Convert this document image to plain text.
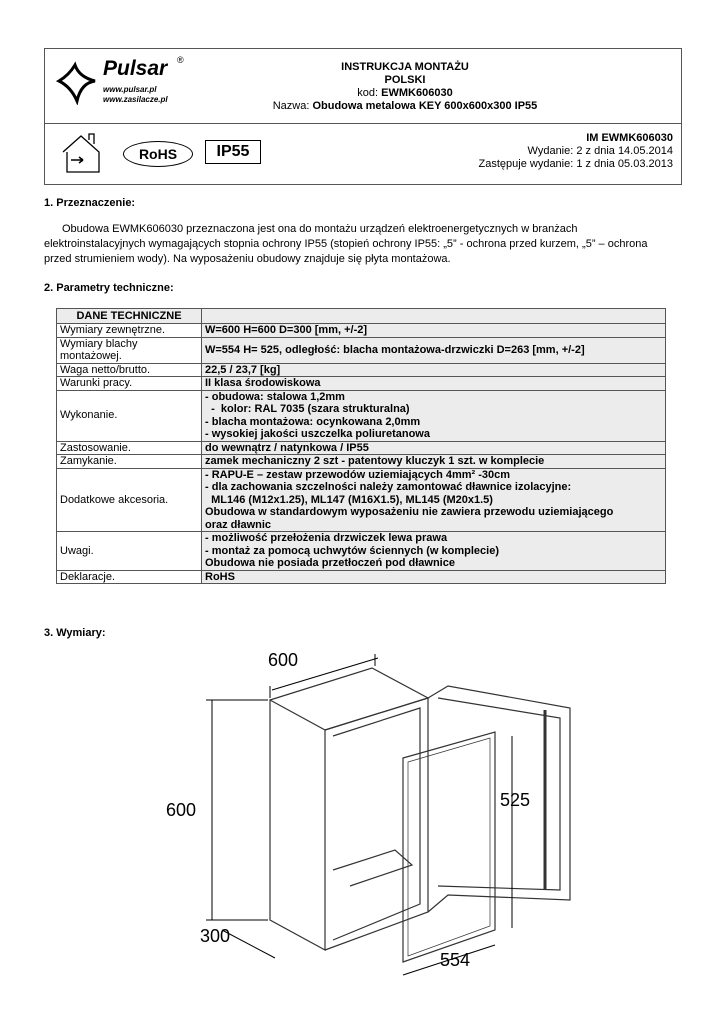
Pulsar ®
www.pulsar.pl
www.zasilacze.pl
INSTRUKCJA MONTAŻU
POLSKI
kod: EWMK606030
Nazwa: Obudowa metalowa KEY 600x600x300 IP55
RoHS	IP55
IM EWMK606030
Wydanie: 2 z dnia 14.05.2014
Zastępuje wydanie: 1 z dnia 05.03.2013
1. Przeznaczenie:
Obudowa EWMK606030 przeznaczona jest ona do montażu urządzeń elektroenergetycznych w branżach elektroinstalacyjnych wymagających stopnia ochrony IP55 (stopień ochrony IP55: „5” - ochrona przed kurzem, „5” – ochrona przed strumieniem wody). Na wyposażeniu obudowy znajduje się płyta montażowa.
2. Parametry techniczne:
DANE TECHNICZNE	
Wymiary zewnętrzne.	W=600 H=600 D=300 [mm, +/-2]

Wymiary blachy montażowej.	W=554 H= 525, odległość: blacha montażowa-drzwiczki D=263 [mm, +/-2]

Waga netto/brutto.	22,5 / 23,7 [kg]

Warunki pracy.	II klasa środowiskowa

Wykonanie.	- obudowa: stalowa 1,2mm
-  kolor: RAL 7035 (szara strukturalna)
- blacha montażowa: ocynkowana 2,0mm
- wysokiej jakości uszczelka poliuretanowa

Zastosowanie.	do wewnątrz / natynkowa / IP55

Zamykanie.	zamek mechaniczny 2 szt - patentowy kluczyk 1 szt. w komplecie

Dodatkowe akcesoria.	- RAPU-E – zestaw przewodów uziemiających 4mm² -30cm
- dla zachowania szczelności należy zamontować dławnice izolacyjne:
ML146 (M12x1.25), ML147 (M16X1.5), ML145 (M20x1.5)
Obudowa w standardowym wyposażeniu nie zawiera przewodu uziemiającego
oraz dławnic

Uwagi.	- możliwość przełożenia drzwiczek lewa prawa
- montaż za pomocą uchwytów ściennych (w komplecie)
Obudowa nie posiada przetłoczeń pod dławnice

Deklaracje.	RoHS
3. Wymiary:
600
600
300
525
554
